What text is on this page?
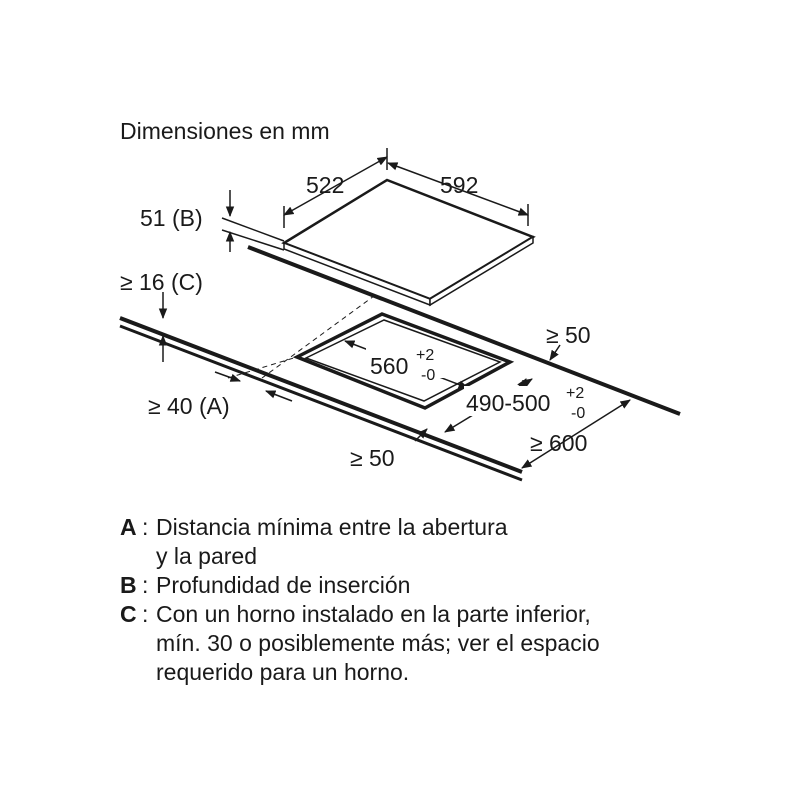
Dimensiones en mm
522	592
51 (B)
≥ 16 (C)
≥ 40 (A)
560 +2
-0
≥ 50
490-500 +2
-0
≥ 600
≥ 50
A : Distancia mínima entre la abertura
y la pared
B : Profundidad de inserción
C : Con un horno instalado en la parte inferior,
mín. 30 o posiblemente más; ver el espacio
requerido para un horno.
